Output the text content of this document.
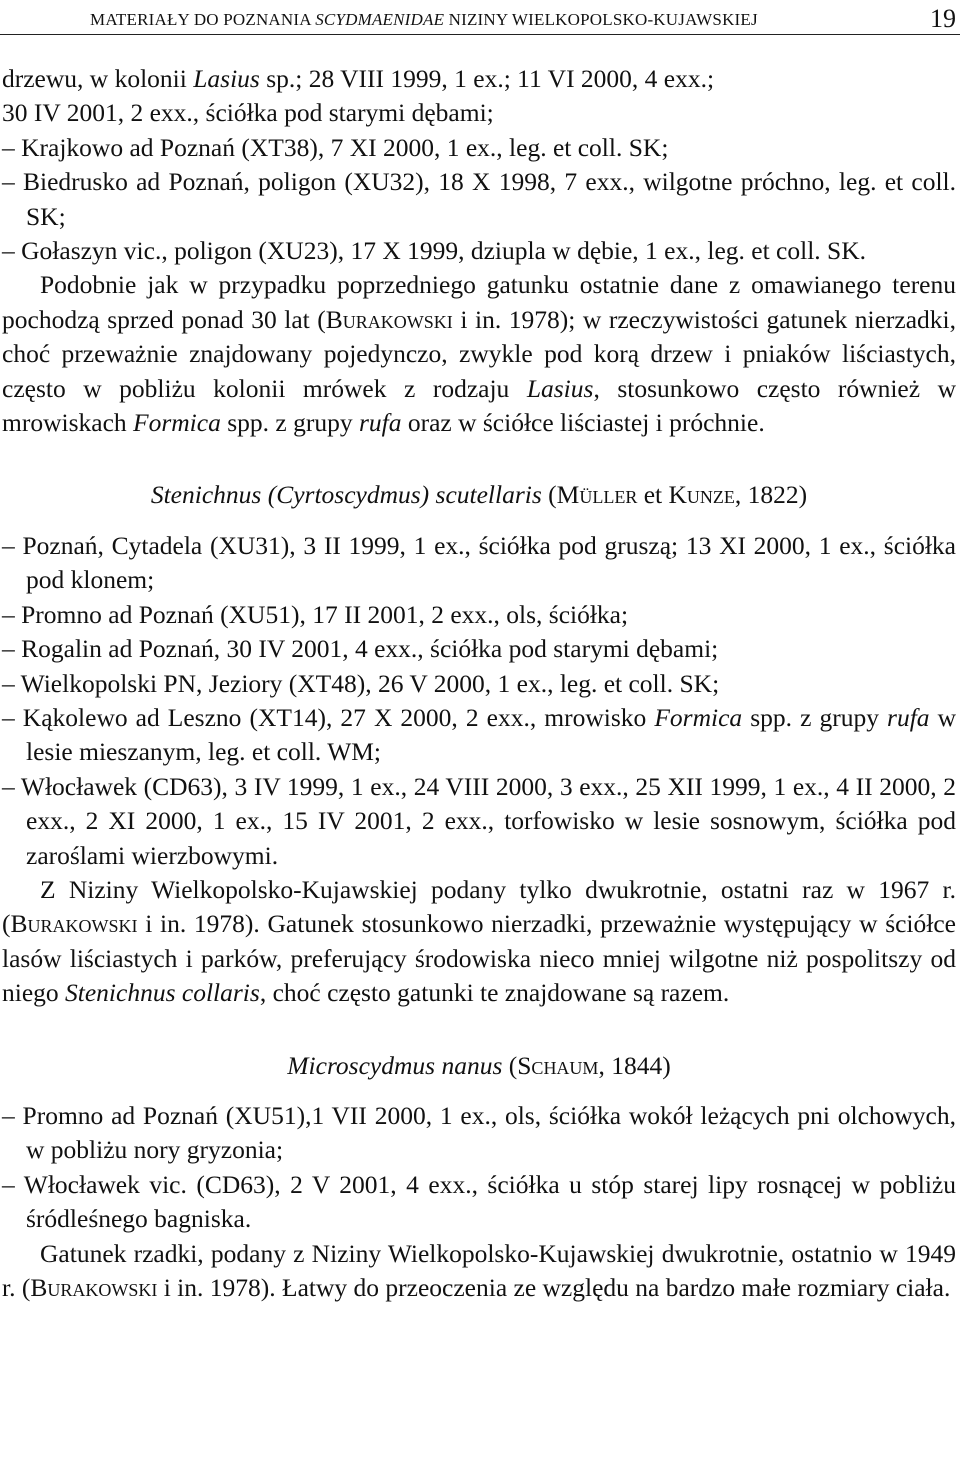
MATERIAŁY DO POZNANIA SCYDMAENIDAE NIZINY WIELKOPOLSKO-KUJAWSKIEJ	19

drzewu, w kolonii Lasius sp.; 28 VIII 1999, 1 ex.; 11 VI 2000, 4 exx.;
30 IV 2001, 2 exx., ściółka pod starymi dębami;

– Krajkowo ad Poznań (XT38), 7 XI 2000, 1 ex., leg. et coll. SK;

– Biedrusko ad Poznań, poligon (XU32), 18 X 1998, 7 exx., wilgotne próchno, leg. et coll. SK;

– Gołaszyn vic., poligon (XU23), 17 X 1999, dziupla w dębie, 1 ex., leg. et coll. SK.

Podobnie jak w przypadku poprzedniego gatunku ostatnie dane z omawianego terenu pochodzą sprzed ponad 30 lat (Burakowski i in. 1978); w rzeczywistości gatunek nierzadki, choć przeważnie znajdowany pojedynczo, zwykle pod korą drzew i pniaków liściastych, często w pobliżu kolonii mrówek z rodzaju Lasius, stosunkowo często również w mrowiskach Formica spp. z grupy rufa oraz w ściółce liściastej i próchnie.

Stenichnus (Cyrtoscydmus) scutellaris (Müller et Kunze, 1822)

– Poznań, Cytadela (XU31), 3 II 1999, 1 ex., ściółka pod gruszą; 13 XI 2000, 1 ex., ściółka pod klonem;

– Promno ad Poznań (XU51), 17 II 2001, 2 exx., ols, ściółka;

– Rogalin ad Poznań, 30 IV 2001, 4 exx., ściółka pod starymi dębami;

– Wielkopolski PN, Jeziory (XT48), 26 V 2000, 1 ex., leg. et coll. SK;

– Kąkolewo ad Leszno (XT14), 27 X 2000, 2 exx., mrowisko Formica spp. z grupy rufa w lesie mieszanym, leg. et coll. WM;

– Włocławek (CD63), 3 IV 1999, 1 ex., 24 VIII 2000, 3 exx., 25 XII 1999, 1 ex., 4 II 2000, 2 exx., 2 XI 2000, 1 ex., 15 IV 2001, 2 exx., torfowisko w lesie sosnowym, ściółka pod zaroślami wierzbowymi.

Z Niziny Wielkopolsko-Kujawskiej podany tylko dwukrotnie, ostatni raz w 1967 r. (Burakowski i in. 1978). Gatunek stosunkowo nierzadki, przeważnie występujący w ściółce lasów liściastych i parków, preferujący środowiska nieco mniej wilgotne niż pospolitszy od niego Stenichnus collaris, choć często gatunki te znajdowane są razem.

Microscydmus nanus (Schaum, 1844)

– Promno ad Poznań (XU51),1 VII 2000, 1 ex., ols, ściółka wokół leżących pni olchowych, w pobliżu nory gryzonia;

– Włocławek vic. (CD63), 2 V 2001, 4 exx., ściółka u stóp starej lipy rosnącej w pobliżu śródleśnego bagniska.

Gatunek rzadki, podany z Niziny Wielkopolsko-Kujawskiej dwukrotnie, ostatnio w 1949 r. (Burakowski i in. 1978). Łatwy do przeoczenia ze względu na bardzo małe rozmiary ciała.
